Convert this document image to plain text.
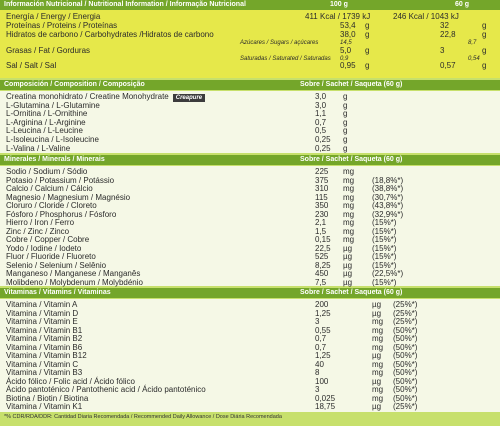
Información Nutricional / Nutritional Information / Informação Nutricional	100 g	60 g
Energía / Energy / Energia	411 Kcal / 1739 kJ	246 Kcal / 1043 kJ
Proteínas / Proteins / Proteínas	53,4 g	32	g
Hidratos de carbono / Carbohydrates /Hidratos de carbono	38,0 g	22,8	g
Azúcares / Sugars / açúcares	14,5	8,7
Grasas / Fat / Gorduras	5,0 g	3	g
Saturadas / Saturated / Saturadas 0,9	0,54
Sal / Salt / Sal	0,95 g	0,57	g
Composición / Composition / Composição	Sobre / Sachet / Saqueta (60 g)
Creatina monohidrato / Creatine Monohydrate Creapure	3,0 g
L-Glutamina / L-Glutamine	3,0 g
L-Ornitina / L-Ornithine	1,1 g
L-Arginina / L-Arginine	0,7 g
L-Leucina / L-Leucine	0,5 g
L-Isoleucina / L-Isoleucine	0,25 g
L-Valina / L-Valine	0,25 g
Minerales / Minerals / Minerais	Sobre / Sachet / Saqueta (60 g)
Sodio / Sodium / Sódio	225 mg
Potasio / Potassium / Potássio	375 mg (18,8%*)
Calcio / Calcium / Cálcio	310 mg (38,8%*)
Magnesio / Magnesium / Magnésio	115 mg (30,7%*)
Cloruro / Cloride / Cloreto	350 mg (43,8%*)
Fósforo / Phosphorus / Fósforo	230 mg (32,9%*)
Hierro / Iron / Ferro	2,1 mg (15%*)
Zinc / Zinc / Zinco	1,5 mg (15%*)
Cobre / Copper / Cobre	0,15 mg (15%*)
Yodo / Iodine / Iodeto	22,5 µg (15%*)
Fluor / Fluoride / Fluoreto	525 µg (15%*)
Selenio / Selenium / Selênio	8,25 µg (15%*)
Manganeso / Manganese / Manganês	450 µg (22,5%*)
Molibdeno / Molybdenum / Molybdénio	7,5 µg (15%*)
Vitaminas / Vitamins / Vitaminas	Sobre / Sachet / Saqueta (60 g)
Vitamina / Vitamin A	200	µg (25%*)
Vitamina / Vitamin D	1,25	µg (25%*)
Vitamina / Vitamin E	3	mg (25%*)
Vitamina / Vitamin B1	0,55	mg (50%*)
Vitamina / Vitamin B2	0,7	mg (50%*)
Vitamina / Vitamin B6	0,7	mg (50%*)
Vitamina / Vitamin B12	1,25	µg (50%*)
Vitamina / Vitamin C	40	mg (50%*)
Vitamina / Vitamin B3	8	mg (50%*)
Ácido fólico / Folic acid / Ácido fólico	100	µg (50%*)
Ácido pantoténico / Pantothenic acid / Ácido pantoténico	3	mg (50%*)
Biotina / Biotin / Biotina	0,025	mg (50%*)
Vitamina / Vitamin K1	18,75	µg (25%*)
*% CDR/RDA/DDR: Cantidad Diaria Recomendada / Recommended Daily Allowance / Dose Diária Recomendada
